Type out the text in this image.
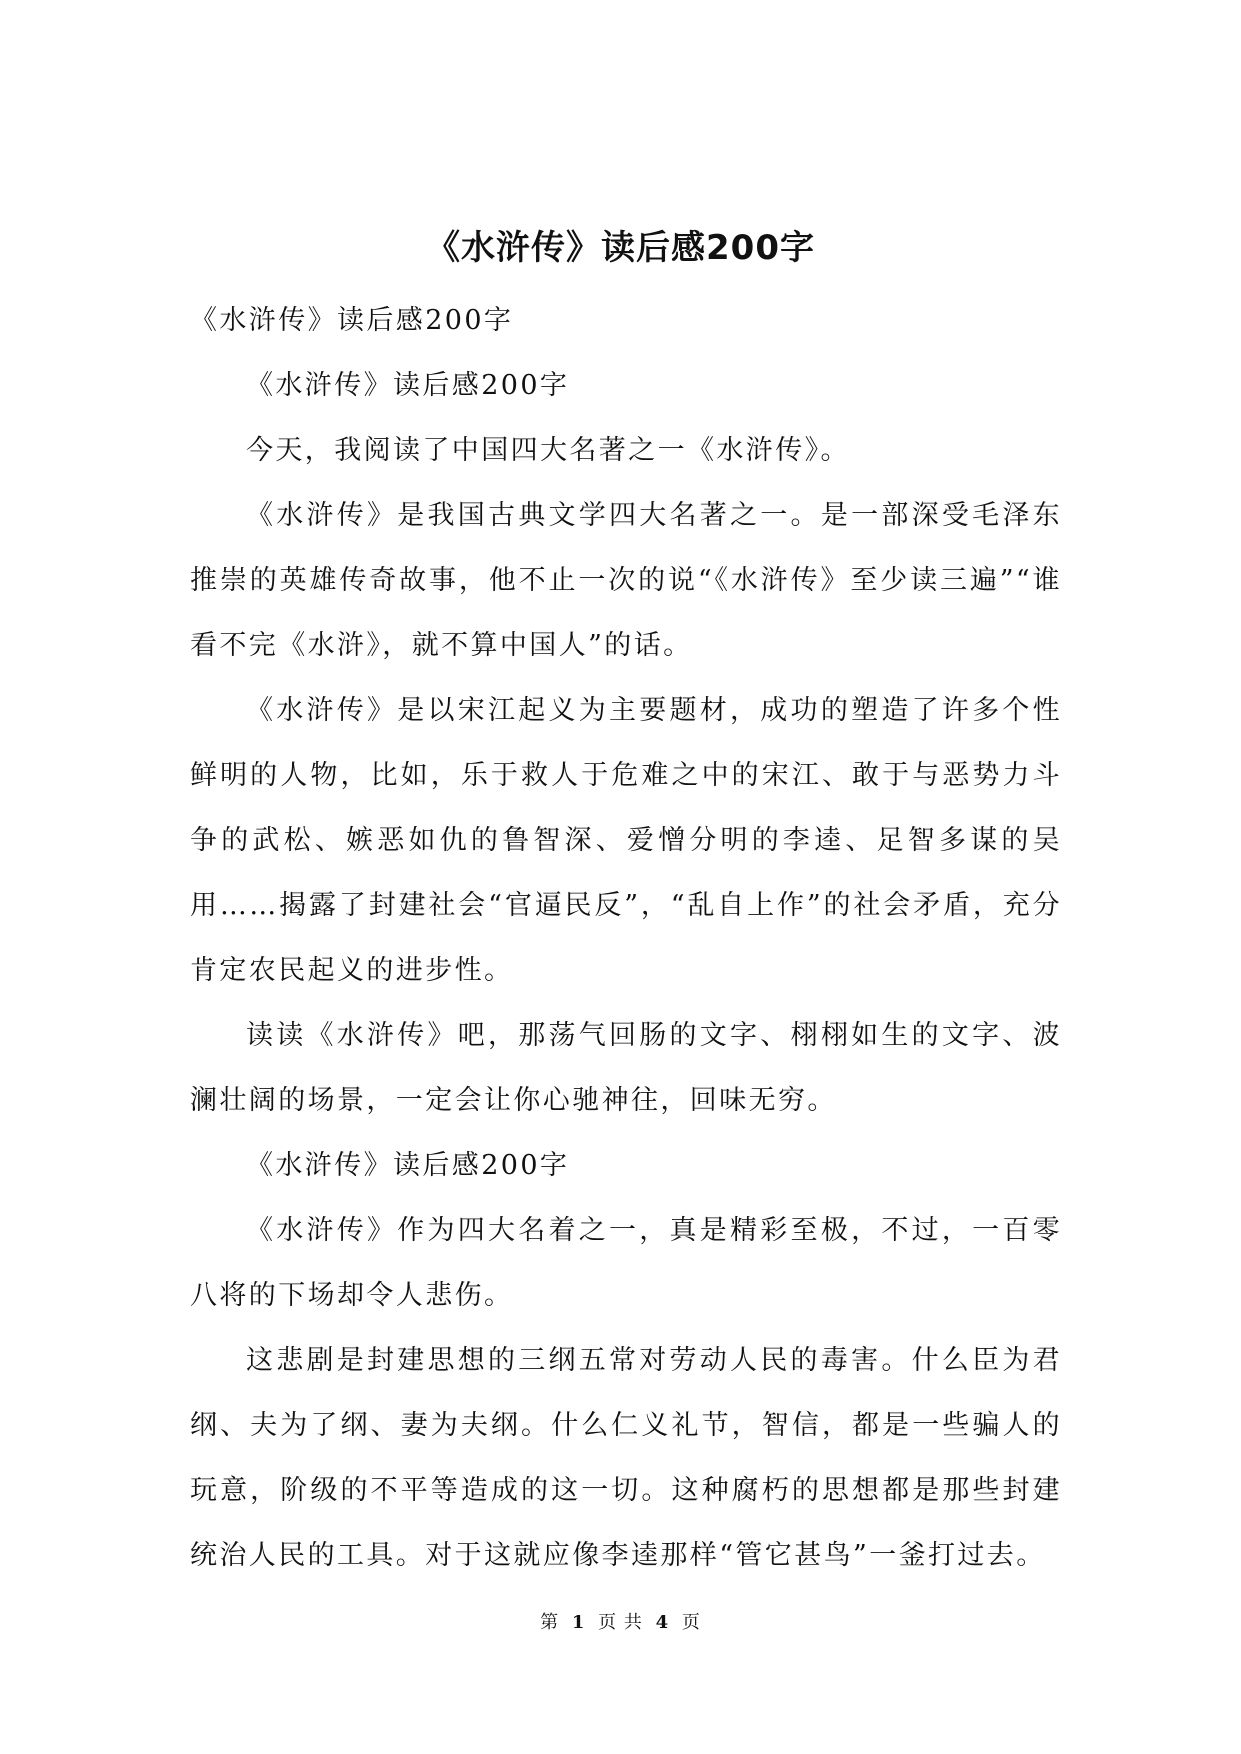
《水浒传》读后感200字

《水浒传》读后感200字

《水浒传》读后感200字

今天，我阅读了中国四大名著之一《水浒传》。

《水浒传》是我国古典文学四大名著之一。是一部深受毛泽东推崇的英雄传奇故事，他不止一次的说“《水浒传》至少读三遍”“谁看不完《水浒》，就不算中国人”的话。

《水浒传》是以宋江起义为主要题材，成功的塑造了许多个性鲜明的人物，比如，乐于救人于危难之中的宋江、敢于与恶势力斗争的武松、嫉恶如仇的鲁智深、爱憎分明的李逵、足智多谋的吴用……揭露了封建社会“官逼民反”，“乱自上作”的社会矛盾，充分肯定农民起义的进步性。

读读《水浒传》吧，那荡气回肠的文字、栩栩如生的文字、波澜壮阔的场景，一定会让你心驰神往，回味无穷。

《水浒传》读后感200字

《水浒传》作为四大名着之一，真是精彩至极，不过，一百零八将的下场却令人悲伤。

这悲剧是封建思想的三纲五常对劳动人民的毒害。什么臣为君纲、夫为了纲、妻为夫纲。什么仁义礼节，智信，都是一些骗人的玩意，阶级的不平等造成的这一切。这种腐朽的思想都是那些封建统治人民的工具。对于这就应像李逵那样“管它甚鸟”一釜打过去。

第 1 页 共 4 页
